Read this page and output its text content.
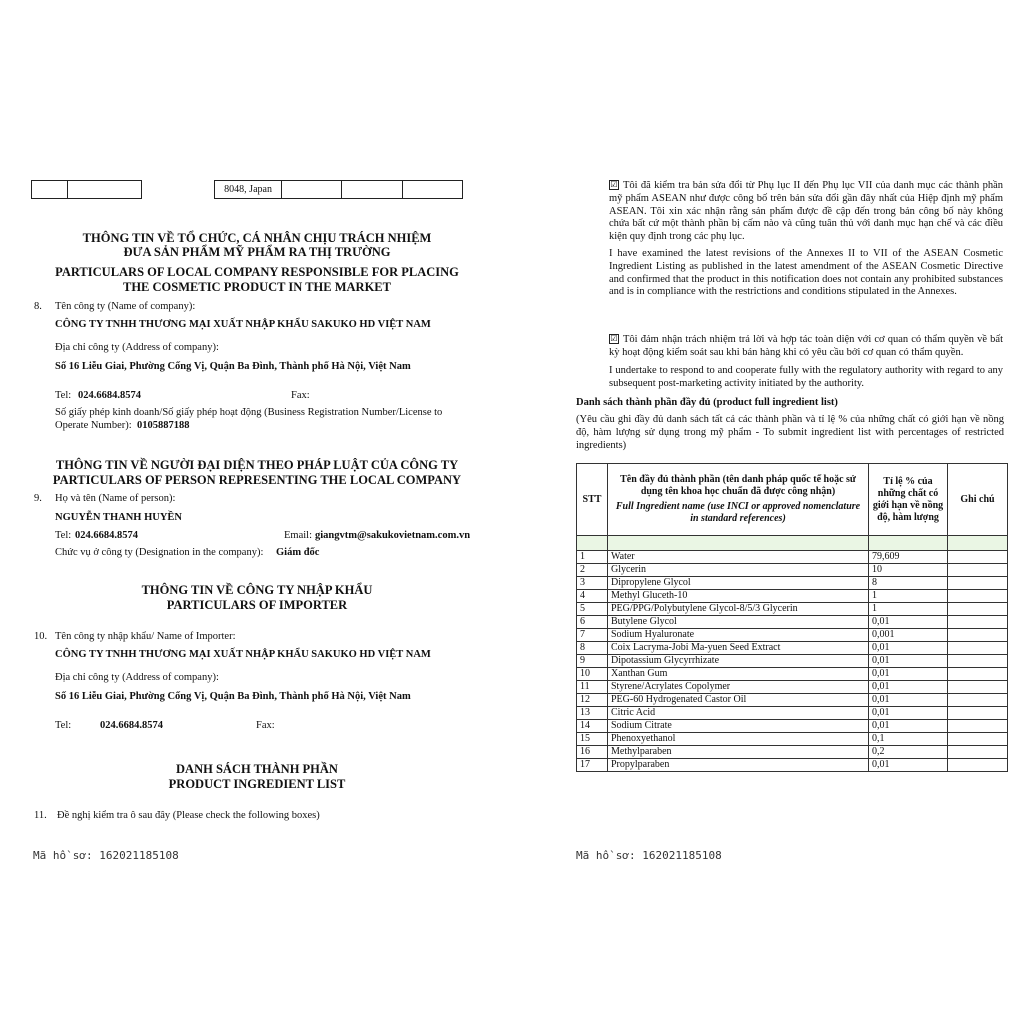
			8048, Japan			
THÔNG TIN VỀ TỔ CHỨC, CÁ NHÂN CHỊU TRÁCH NHIỆM
ĐƯA SẢN PHẨM MỸ PHẨM RA THỊ TRƯỜNG
PARTICULARS OF LOCAL COMPANY RESPONSIBLE FOR PLACING
THE COSMETIC PRODUCT IN THE MARKET
8. Tên công ty (Name of company):
CÔNG TY TNHH THƯƠNG MẠI XUẤT NHẬP KHẨU SAKUKO HD VIỆT NAM
Địa chỉ công ty (Address of company):
Số 16 Liễu Giai, Phường Cống Vị, Quận Ba Đình, Thành phố Hà Nội, Việt Nam
Tel: 024.6684.8574	Fax:
Số giấy phép kinh doanh/Số giấy phép hoạt động (Business Registration Number/License to
Operate Number): 0105887188
THÔNG TIN VỀ NGƯỜI ĐẠI DIỆN THEO PHÁP LUẬT CỦA CÔNG TY
PARTICULARS OF PERSON REPRESENTING THE LOCAL COMPANY
9. Họ và tên (Name of person):
NGUYỄN THANH HUYỀN
Tel: 024.6684.8574	Email: giangvtm@sakukovietnam.com.vn
Chức vụ ở công ty (Designation in the company): Giám đốc
THÔNG TIN VỀ CÔNG TY NHẬP KHẨU
PARTICULARS OF IMPORTER
10. Tên công ty nhập khẩu/ Name of Importer:
CÔNG TY TNHH THƯƠNG MẠI XUẤT NHẬP KHẨU SAKUKO HD VIỆT NAM
Địa chỉ công ty (Address of company):
Số 16 Liễu Giai, Phường Cống Vị, Quận Ba Đình, Thành phố Hà Nội, Việt Nam
Tel:	024.6684.8574	Fax:
DANH SÁCH THÀNH PHẦN
PRODUCT INGREDIENT LIST
11. Đề nghị kiểm tra ô sau đây (Please check the following boxes)
Mã hồ sơ: 162021185108
☑ Tôi đã kiểm tra bản sửa đổi từ Phụ lục II đến Phụ lục VII của danh mục các thành phần mỹ phẩm ASEAN như được công bố trên bản sửa đổi gần đây nhất của Hiệp định mỹ phẩm ASEAN. Tôi xin xác nhận rằng sản phẩm được đề cập đến trong bản công bố này không chứa bất cứ một thành phần bị cấm nào và cũng tuân thủ với danh mục hạn chế và các điều kiện quy định trong các phụ lục.
I have examined the latest revisions of the Annexes II to VII of the ASEAN Cosmetic Ingredient Listing as published in the latest amendment of the ASEAN Cosmetic Directive and confirmed that the product in this notification does not contain any prohibited substances and is in compliance with the restrictions and conditions stipulated in the Annexes.
☑ Tôi đảm nhận trách nhiệm trả lời và hợp tác toàn diện với cơ quan có thẩm quyền về bất kỳ hoạt động kiểm soát sau khi bán hàng khi có yêu cầu bởi cơ quan có thẩm quyền.
I undertake to respond to and cooperate fully with the regulatory authority with regard to any subsequent post-marketing activity initiated by the authority.
Danh sách thành phần đầy đủ (product full ingredient list)
(Yêu cầu ghi đầy đủ danh sách tất cả các thành phần và tỉ lệ % của những chất có giới hạn về nồng độ, hàm lượng sử dụng trong mỹ phẩm - To submit ingredient list with percentages of restricted ingredients)
Mã hồ sơ: 162021185108
STT	Tên đầy đủ thành phần (tên danh pháp quốc tế hoặc sử dụng tên khoa học chuẩn đã được công nhận)
Full Ingredient name (use INCI or approved nomenclature in standard references)	Tỉ lệ % của những chất có giới hạn về nồng độ, hàm lượng	Ghi chú

1	Water	79,609	
2	Glycerin	10	
3	Dipropylene Glycol	8	
4	Methyl Gluceth-10	1	
5	PEG/PPG/Polybutylene Glycol-8/5/3 Glycerin	1	
6	Butylene Glycol	0,01	
7	Sodium Hyaluronate	0,001	
8	Coix Lacryma-Jobi Ma-yuen Seed Extract	0,01	
9	Dipotassium Glycyrrhizate	0,01	
10	Xanthan Gum	0,01	
11	Styrene/Acrylates Copolymer	0,01	
12	PEG-60 Hydrogenated Castor Oil	0,01	
13	Citric Acid	0,01	
14	Sodium Citrate	0,01	
15	Phenoxyethanol	0,1	
16	Methylparaben	0,2	
17	Propylparaben	0,01	
